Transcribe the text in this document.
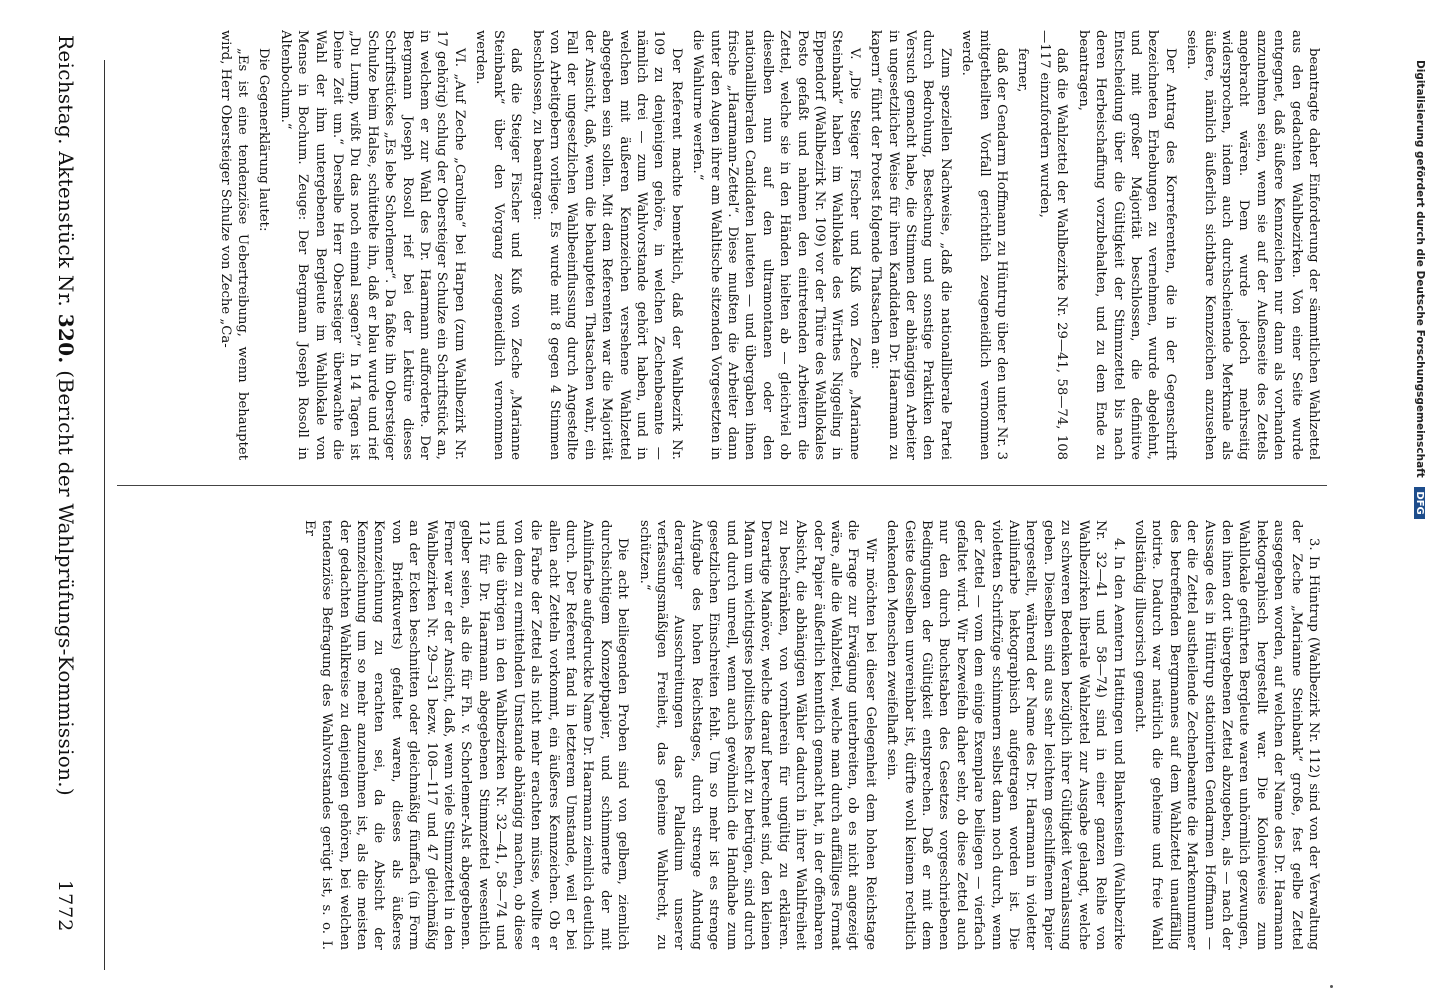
1772
Reichstag. Aktenstück Nr. 320. (Bericht der Wahlprüfungs-Kommission.)	3. In Hüntrup (Wahlbezirk Nr. 112) sind von der Verwaltung der Zeche „Marianne Steinbank“ große, fest gelbe Zettel ausgegeben worden, auf welchen der Name des Dr. Haarmann hektographisch hergestellt war. Die Kolonieweise zum Wahllokale geführten Bergleute waren unhörmlich gezwungen, den ihnen dort übergebenen Zettel abzugeben, als — nach der Aussage des in Hüntrup stationirten Gendarmen Hoffmann — der die Zettel austheilende Zechenbeamte die Markennummer des betreffenden Bergmannes auf dem Wahlzettel unauffällig notirte. Dadurch war natürlich die geheime und freie Wahl vollständig illusorisch gemacht.

4. In den Aemtern Hattingen und Blankenstein (Wahlbezirke Nr. 32—41 und 58—74) sind in einer ganzen Reihe von Wahlbezirken liberale Wahlzettel zur Ausgabe gelangt, welche zu schweren Bedenken bezüglich ihrer Gültigkeit Veranlassung geben. Dieselben sind aus sehr leichtem geschliffenem Papier hergestellt, während der Name des Dr. Haarmann in violetter Anilinfarbe hektographisch aufgetragen worden ist. Die violetten Schriftzüge schimmern selbst dann noch durch, wenn der Zettel — vom dem einige Exemplare beiliegen — vierfach gefaltet wird. Wir bezweifeln daher sehr, ob diese Zettel auch nur den durch Buchstaben des Gesetzes vorgeschriebenen Bedingungen der Gültigkeit entsprechen. Daß er mit dem Geiste desselben unvereinbar ist, dürfte wohl keinem rechtlich denkenden Menschen zweifelhaft sein.

Wir möchten bei dieser Gelegenheit dem hohen Reichstage die Frage zur Erwägung unterbreiten, ob es nicht angezeigt wäre, alle die Wahlzettel, welche man durch auffälliges Format oder Papier äußerlich kenntlich gemacht hat, in der offenbaren Absicht, die abhängigen Wähler dadurch in ihrer Wahlfreiheit zu beschränken, von vornherein für ungültig zu erklären. Derartige Manöver, welche darauf berechnet sind, den kleinen Mann um wichtigstes politisches Recht zu betrügen, sind durch und durch unreell, wenn auch gewöhnlich die Handhabe zum gesetzlichen Einschreiten fehlt. Um so mehr ist es strenge Aufgabe des hohen Reichstages, durch strenge Ahndung derartiger Ausschreitungen das Palladium unserer verfassungsmäßigen Freiheit, das geheime Wahlrecht, zu schützen.“

Die acht beiliegenden Proben sind von gelbem, ziemlich durchsichtigem Konzeptpapier, und schimmerte der mit Anilinfarbe aufgedruckte Name Dr. Haarmann ziemlich deutlich durch. Der Referent fand in letzterem Umstande, weil er bei allen acht Zetteln vorkommt, ein äußeres Kennzeichen. Ob er die Farbe der Zettel als nicht mehr erachten müsse, wollte er von dem zu ermittelnden Umstande abhängig machen, ob diese und die übrigen in den Wahlbezirken Nr. 32—41, 58—74 und 112 für Dr. Haarmann abgegebenen Stimmzettel wesentlich gelber seien, als die für Fh. v. Schorlemer-Alst abgegebenen. Ferner war er der Ansicht, daß, wenn viele Stimmzettel in den Wahlbezirken Nr. 29—31 bezw. 108—117 und 47 gleichmäßig an der Ecken beschnitten oder gleichmäßig fünffach (in Form von Briefkuverts) gefaltet waren, dieses als äußeres Kennzeichnung zu erachten sei, da die Absicht der Kennzeichnung um so mehr anzunehmen ist, als die meisten der gedachten Wahlkreise zu denjenigen gehören, bei welchen tendenziöse Befragung des Wahlvorstandes gerügt ist, s. o. I. Er

beantragte daher Einforderung der sämmtlichen Wahlzettel aus den gedachten Wahlbezirken. Von einer Seite wurde entgegnet, daß äußere Kennzeichen nur dann als vorhanden anzunehmen seien, wenn sie auf der Außenseite des Zettels angebracht wären. Dem wurde jedoch mehrseitig widersprochen, indem auch durchscheinende Merkmale als äußere, nämlich äußerlich sichtbare Kennzeichen anzusehen seien.

Der Antrag des Korreferenten, die in der Gegenschrift bezeichneten Erhebungen zu vernehmen, wurde abgelehnt, und mit großer Majorität beschlossen, die definitive Entscheidung über die Gültigkeit der Stimmzettel bis nach deren Herbeischaffung vorzubehalten, und zu dem Ende zu beantragen,

daß die Wahlzettel der Wahlbezirke Nr. 29—41, 58—74, 108—117 einzufordern wurden,

ferner,

daß der Gendarm Hoffmann zu Hüntrup über den unter Nr. 3 mitgetheilten Vorfall gerichtlich zeugeneidlich vernommen werde.

Zum speziellen Nachweise, „daß die nationalliberale Partei durch Bedrohung, Bestechung und sonstige Praktiken den Versuch gemacht habe, die Stimmen der abhängigen Arbeiter in ungesetzlicher Weise für ihren Kandidaten Dr. Haarmann zu kapern“ führt der Protest folgende Thatsachen an:

V. „Die Steiger Fischer und Kuß von Zeche „Marianne Steinbank“ haben im Wahllokale des Wirthes Niggeling in Eppendorf (Wahlbezirk Nr. 109) vor der Thüre des Wahllokales Posto gefaßt und nahmen den eintretenden Arbeitern die Zettel, welche sie in den Händen hielten ab — gleichviel ob dieselben nun auf den ultramontanen oder den nationalliberalen Candidaten lauteten — und übergaben ihnen frische „Haarmann-Zettel“. Diese mußten die Arbeiter dann unter den Augen ihrer am Wahltische sitzenden Vorgesetzten in die Wahlurne werfen.“

Der Referent machte bemerklich, daß der Wahlbezirk Nr. 109 zu denjenigen gehöre, in welchen Zechenbeamte — nämlich drei — zum Wahlvorstande gehört haben, und in welchen mit äußeren Kennzeichen versehene Wahlzettel abgegeben sein sollen. Mit dem Referenten war die Majorität der Ansicht, daß, wenn die behaupteten Thatsachen wahr, ein Fall der ungesetzlichen Wahlbeeinflussung durch Angestellte von Arbeitgebern vorliege. Es wurde mit 8 gegen 4 Stimmen beschlossen, zu beantragen:

daß die Steiger Fischer und Kuß von Zeche „Marianne Steinbank“ über den Vorgang zeugeneidlich vernommen werden.

VI. „Auf Zeche „Caroline“ bei Harpen (zum Wahlbezirk Nr. 17 gehörig) schlug der Obersteiger Schulze ein Schriftstück an, in welchem er zur Wahl des Dr. Haarmann aufforderte. Der Bergmann Joseph Rosoll rief bei der Lektüre dieses Schriftstückes „Es lebe Schorlemer“. Da faßte ihn Obersteiger Schulze beim Halse, schüttelte ihn, daß er blau wurde und rief „Du Lump, wißt Du das noch einmal sagen?“ In 14 Tagen ist Deine Zeit um.“ Derselbe Herr Obersteiger überwachte die Wahl der ihm untergebenen Bergleute im Wahllokale von Mense in Bochum. Zeuge: Der Bergmann Joseph Rosoll in Altenbochum.“

Die Gegenerklärung lautet:

„Es ist eine tendenziöse Uebertreibung, wenn behauptet wird, Herr Obersteiger Schulze von Zeche „Ca-	Digitalisierung gefördert durch die Deutsche Forschungsgemeinschaft DFG
